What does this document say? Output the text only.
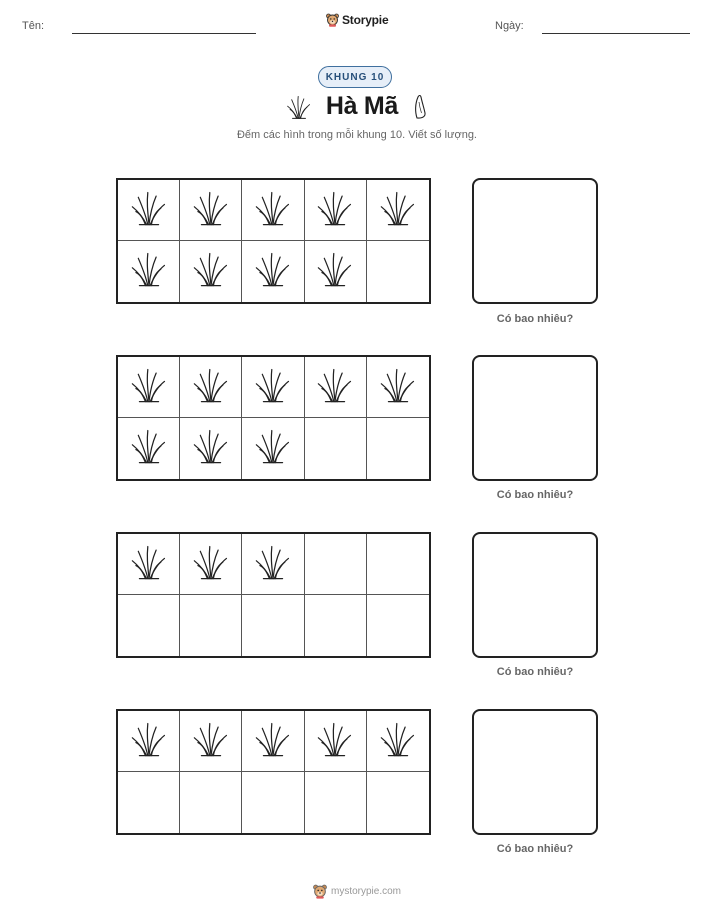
Tên:	Storypie	Ngày:
KHUNG 10
Hà Mã
Đếm các hình trong mỗi khung 10. Viết số lượng.
Có bao nhiêu?
Có bao nhiêu?
Có bao nhiêu?
Có bao nhiêu?
mystorypie.com
